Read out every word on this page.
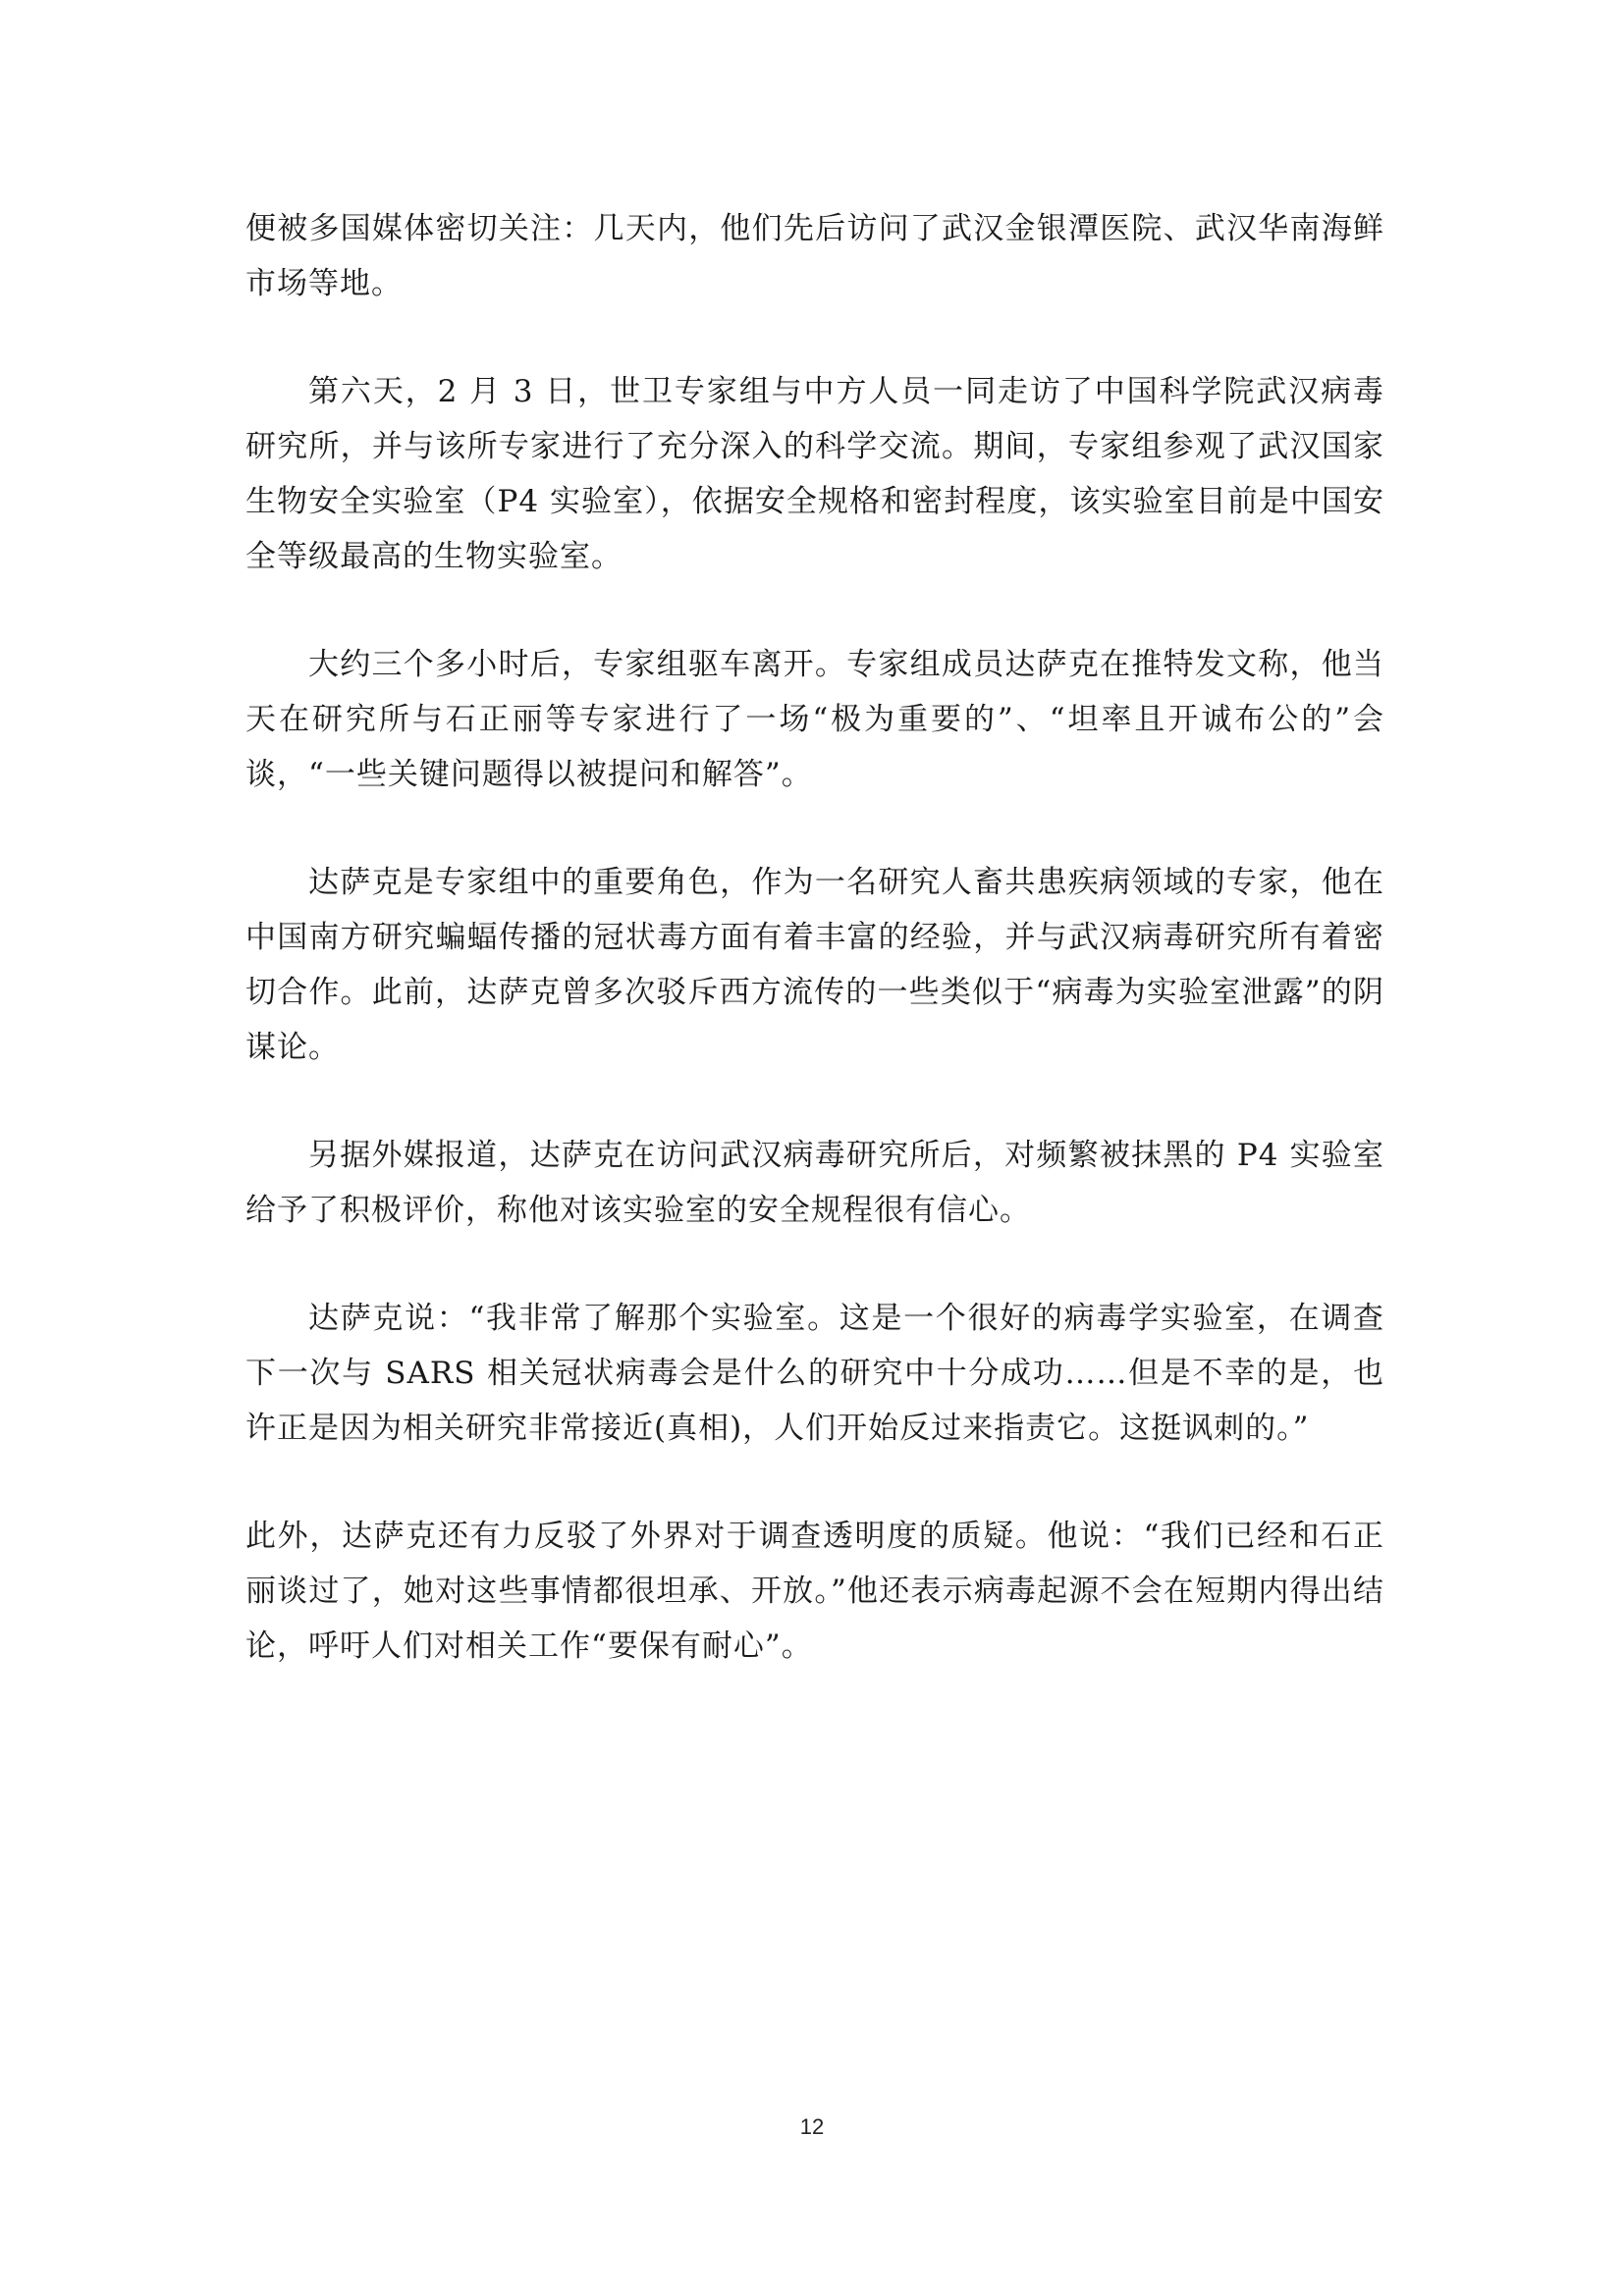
便被多国媒体密切关注：几天内，他们先后访问了武汉金银潭医院、武汉华南海鲜市场等地。

第六天，2 月 3 日，世卫专家组与中方人员一同走访了中国科学院武汉病毒研究所，并与该所专家进行了充分深入的科学交流。期间，专家组参观了武汉国家生物安全实验室（P4 实验室），依据安全规格和密封程度，该实验室目前是中国安全等级最高的生物实验室。

大约三个多小时后，专家组驱车离开。专家组成员达萨克在推特发文称，他当天在研究所与石正丽等专家进行了一场“极为重要的”、“坦率且开诚布公的”会谈，“一些关键问题得以被提问和解答”。

达萨克是专家组中的重要角色，作为一名研究人畜共患疾病领域的专家，他在中国南方研究蝙蝠传播的冠状毒方面有着丰富的经验，并与武汉病毒研究所有着密切合作。此前，达萨克曾多次驳斥西方流传的一些类似于“病毒为实验室泄露”的阴谋论。

另据外媒报道，达萨克在访问武汉病毒研究所后，对频繁被抹黑的 P4 实验室给予了积极评价，称他对该实验室的安全规程很有信心。

达萨克说：“我非常了解那个实验室。这是一个很好的病毒学实验室，在调查下一次与 SARS 相关冠状病毒会是什么的研究中十分成功……但是不幸的是，也许正是因为相关研究非常接近(真相)，人们开始反过来指责它。这挺讽刺的。”

此外，达萨克还有力反驳了外界对于调查透明度的质疑。他说：“我们已经和石正丽谈过了，她对这些事情都很坦承、开放。”他还表示病毒起源不会在短期内得出结论，呼吁人们对相关工作“要保有耐心”。

12
